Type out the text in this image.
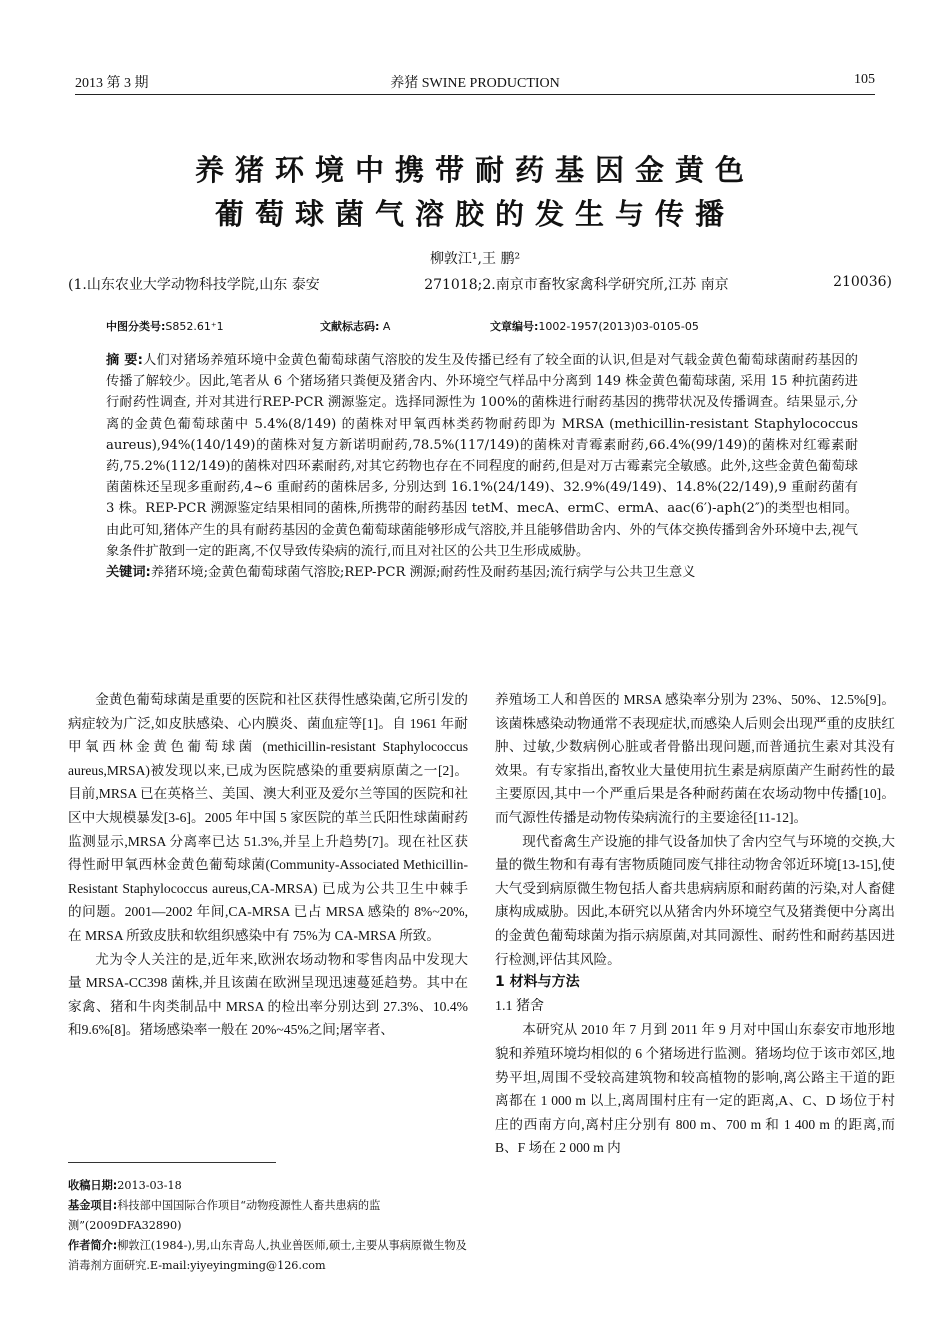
2013 第 3 期	养猪 SWINE PRODUCTION	105
养猪环境中携带耐药基因金黄色
葡萄球菌气溶胶的发生与传播
柳敦江¹,王 鹏²
(1.山东农业大学动物科技学院,山东 泰安	271018;2.南京市畜牧家禽科学研究所,江苏 南京	210036)
中图分类号:S852.61⁺1	文献标志码: A	文章编号:1002-1957(2013)03-0105-05
摘 要:人们对猪场养殖环境中金黄色葡萄球菌气溶胶的发生及传播已经有了较全面的认识,但是对气载金黄色葡萄球菌耐药基因的传播了解较少。因此,笔者从 6 个猪场猪只粪便及猪舍内、外环境空气样品中分离到 149 株金黄色葡萄球菌, 采用 15 种抗菌药进行耐药性调查, 并对其进行REP-PCR 溯源鉴定。选择同源性为 100%的菌株进行耐药基因的携带状况及传播调查。结果显示,分离的金黄色葡萄球菌中 5.4%(8/149) 的菌株对甲氧西林类药物耐药即为 MRSA (methicillin-resistant Staphylococcus aureus),94%(140/149)的菌株对复方新诺明耐药,78.5%(117/149)的菌株对青霉素耐药,66.4%(99/149)的菌株对红霉素耐药,75.2%(112/149)的菌株对四环素耐药,对其它药物也存在不同程度的耐药,但是对万古霉素完全敏感。此外,这些金黄色葡萄球菌菌株还呈现多重耐药,4~6 重耐药的菌株居多, 分别达到 16.1%(24/149)、32.9%(49/149)、14.8%(22/149),9 重耐药菌有 3 株。REP-PCR 溯源鉴定结果相同的菌株,所携带的耐药基因 tetM、mecA、ermC、ermA、aac(6′)-aph(2″)的类型也相同。由此可知,猪体产生的具有耐药基因的金黄色葡萄球菌能够形成气溶胶,并且能够借助舍内、外的气体交换传播到舍外环境中去,视气象条件扩散到一定的距离,不仅导致传染病的流行,而且对社区的公共卫生形成威胁。
关键词:养猪环境;金黄色葡萄球菌气溶胶;REP-PCR 溯源;耐药性及耐药基因;流行病学与公共卫生意义

金黄色葡萄球菌是重要的医院和社区获得性感染菌,它所引发的病症较为广泛,如皮肤感染、心内膜炎、菌血症等[1]。自 1961 年耐甲氧西林金黄色葡萄球菌 (methicillin-resistant Staphylococcus aureus,MRSA)被发现以来,已成为医院感染的重要病原菌之一[2]。目前,MRSA 已在英格兰、美国、澳大利亚及爱尔兰等国的医院和社区中大规模暴发[3-6]。2005 年中国 5 家医院的革兰氏阳性球菌耐药监测显示,MRSA 分离率已达 51.3%,并呈上升趋势[7]。现在社区获得性耐甲氧西林金黄色葡萄球菌(Community-Associated Methicillin-Resistant Staphylococcus aureus,CA-MRSA) 已成为公共卫生中棘手的问题。2001—2002 年间,CA-MRSA 已占 MRSA 感染的 8%~20%,在 MRSA 所致皮肤和软组织感染中有 75%为 CA-MRSA 所致。

尤为令人关注的是,近年来,欧洲农场动物和零售肉品中发现大量 MRSA-CC398 菌株,并且该菌在欧洲呈现迅速蔓延趋势。其中在家禽、猪和牛肉类制品中 MRSA 的检出率分别达到 27.3%、10.4%和9.6%[8]。猪场感染率一般在 20%~45%之间;屠宰者、

养殖场工人和兽医的 MRSA 感染率分别为 23%、50%、12.5%[9]。该菌株感染动物通常不表现症状,而感染人后则会出现严重的皮肤红肿、过敏,少数病例心脏或者骨骼出现问题,而普通抗生素对其没有效果。有专家指出,畜牧业大量使用抗生素是病原菌产生耐药性的最主要原因,其中一个严重后果是各种耐药菌在农场动物中传播[10]。而气源性传播是动物传染病流行的主要途径[11-12]。

现代畜禽生产设施的排气设备加快了舍内空气与环境的交换,大量的微生物和有毒有害物质随同废气排往动物舍邻近环境[13-15],使大气受到病原微生物包括人畜共患病病原和耐药菌的污染,对人畜健康构成威胁。因此,本研究以从猪舍内外环境空气及猪粪便中分离出的金黄色葡萄球菌为指示病原菌,对其同源性、耐药性和耐药基因进行检测,评估其风险。

1 材料与方法
1.1 猪舍

本研究从 2010 年 7 月到 2011 年 9 月对中国山东泰安市地形地貌和养殖环境均相似的 6 个猪场进行监测。猪场均位于该市郊区,地势平坦,周围不受较高建筑物和较高植物的影响,离公路主干道的距离都在 1 000 m 以上,离周围村庄有一定的距离,A、C、D 场位于村庄的西南方向,离村庄分别有 800 m、700 m 和 1 400 m 的距离,而 B、F 场在 2 000 m 内

收稿日期:2013-03-18

基金项目:科技部中国国际合作项目“动物疫源性人畜共患病的监测”(2009DFA32890)

作者简介:柳敦江(1984-),男,山东青岛人,执业兽医师,硕士,主要从事病原微生物及消毒剂方面研究.E-mail:yiyeyingming@126.com
